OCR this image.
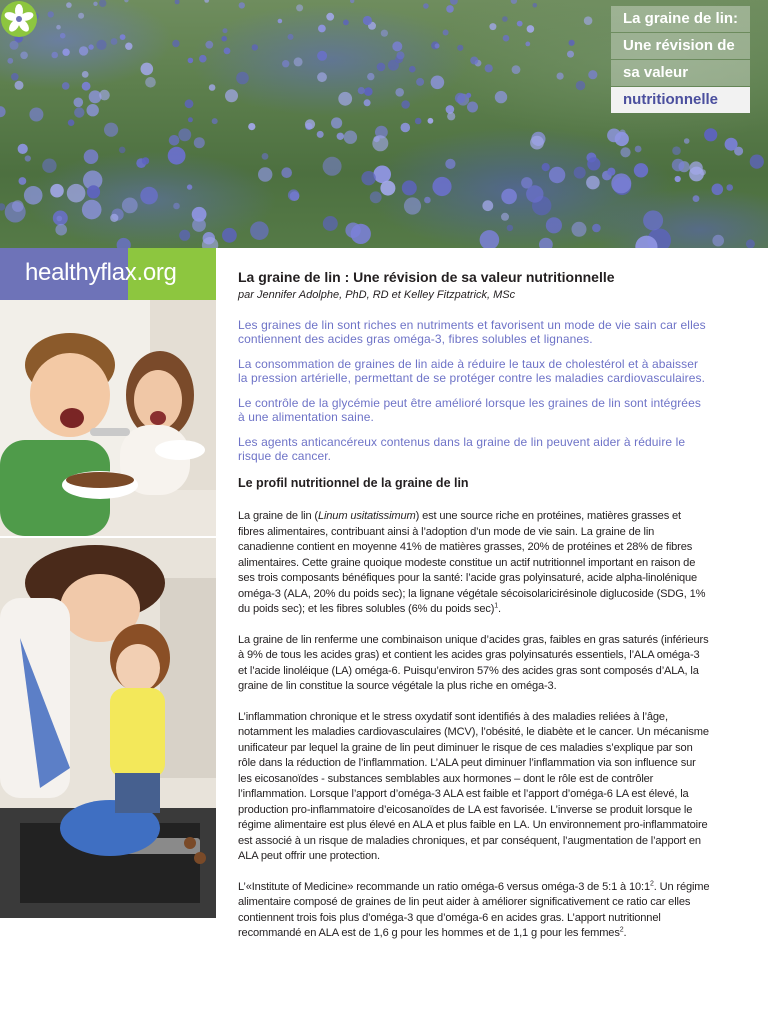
La graine de lin:
Une révision de
sa valeur
nutritionnelle
healthyflax.org	La graine de lin : Une révision de sa valeur nutritionnelle

par Jennifer Adolphe, PhD, RD et Kelley Fitzpatrick, MSc

Les graines de lin sont riches en nutriments et favorisent un mode de vie sain car elles contiennent des acides gras oméga-3, fibres solubles et lignanes.

La consommation de graines de lin aide à réduire le taux de cholestérol et à abaisser la pression artérielle, permettant de se protéger contre les maladies cardiovasculaires.

Le contrôle de la glycémie peut être amélioré lorsque les graines de lin sont intégrées à une alimentation saine.

Les agents anticancéreux contenus dans la graine de lin peuvent aider à réduire le risque de cancer.

Le profil nutritionnel de la graine de lin

La graine de lin (Linum usitatissimum) est une source riche en protéines, matières grasses et fibres alimentaires, contribuant ainsi à l’adoption d’un mode de vie sain. La graine de lin canadienne contient en moyenne 41% de matières grasses, 20% de protéines et 28% de fibres alimentaires. Cette graine quoique modeste constitue un actif nutritionnel important en raison de ses trois composants bénéfiques pour la santé: l’acide gras polyinsaturé, acide alpha-linolénique oméga-3 (ALA, 20% du poids sec); la lignane végétale sécoisolaricirésinole diglucoside (SDG, 1% du poids sec); et les fibres solubles (6% du poids sec)$^1$.

La graine de lin renferme une combinaison unique d’acides gras, faibles en gras saturés (inférieurs à 9% de tous les acides gras) et contient les acides gras polyinsaturés essentiels, l’ALA oméga-3 et l’acide linoléique (LA) oméga-6. Puisqu’environ 57% des acides gras sont composés d’ALA, la graine de lin constitue la source végétale la plus riche en oméga-3.

L’inflammation chronique et le stress oxydatif sont identifiés à des maladies reliées à l’âge, notamment les maladies cardiovasculaires (MCV), l’obésité, le diabète et le cancer. Un mécanisme unificateur par lequel la graine de lin peut diminuer le risque de ces maladies s’explique par son rôle dans la réduction de l’inflammation. L’ALA peut diminuer l’inflammation via son influence sur les eicosanoïdes - substances semblables aux hormones – dont le rôle est de contrôler l’inflammation. Lorsque l’apport d’oméga-3 ALA est faible et l’apport d’oméga-6 LA est élevé, la production pro-inflammatoire d’eicosanoïdes de LA est favorisée. L’inverse se produit lorsque le régime alimentaire est plus élevé en ALA et plus faible en LA. Un environnement pro-inflammatoire est associé à un risque de maladies chroniques, et par conséquent, l’augmentation de l’apport en ALA peut offrir une protection.

L’«Institute of Medicine» recommande un ratio oméga-6 versus oméga-3 de 5:1 à $10:1^2$. Un régime alimentaire composé de graines de lin peut aider à améliorer significativement ce ratio car elles contiennent trois fois plus d’oméga-3 que d’oméga-6 en acides gras. L’apport nutritionnel recommandé en ALA est de 1,6 g pour les hommes et de 1,1 g pour les femmes$^2$.
